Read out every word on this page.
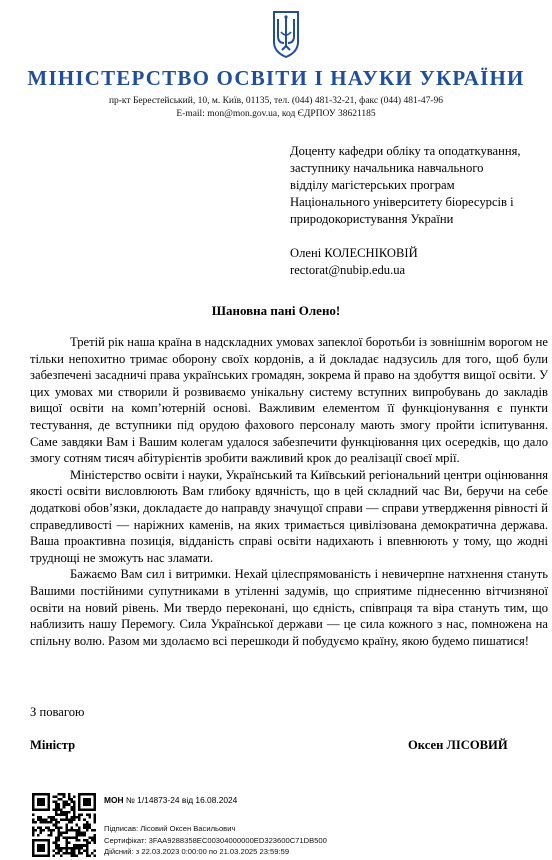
МІНІСТЕРСТВО ОСВІТИ І НАУКИ УКРАЇНИ
пр-кт Берестейський, 10, м. Київ, 01135, тел. (044) 481-32-21, факс (044) 481-47-96
E-mail: mon@mon.gov.ua, код ЄДРПОУ 38621185
Доценту кафедри обліку та оподаткування,
заступнику начальника навчального
відділу магістерських програм
Національного університету біоресурсів і
природокористування України
Олені КОЛЕСНІКОВІЙ
rectorat@nubip.edu.ua
Шановна пані Олено!

Третій рік наша країна в надскладних умовах запеклої боротьби із зовнішнім ворогом не тільки непохитно тримає оборону своїх кордонів, а й докладає надзусиль для того, щоб були забезпечені засадничі права українських громадян, зокрема й право на здобуття вищої освіти. У цих умовах ми створили й розвиваємо унікальну систему вступних випробувань до закладів вищої освіти на комп’ютерній основі. Важливим елементом її функціонування є пункти тестування, де вступники під орудою фахового персоналу мають змогу пройти іспитування. Саме завдяки Вам і Вашим колегам удалося забезпечити функціювання цих осередків, що дало змогу сотням тисяч абітурієнтів зробити важливий крок до реалізації своєї мрії.

Міністерство освіти і науки, Український та Київський регіональний центри оцінювання якості освіти висловлюють Вам глибоку вдячність, що в цей складний час Ви, беручи на себе додаткові обов’язки, докладаєте до направду значущої справи — справи утвердження рівності й справедливості — наріжних каменів, на яких тримається цивілізована демократична держава. Ваша проактивна позиція, відданість справі освіти надихають і впевнюють у тому, що жодні труднощі не зможуть нас зламати.

Бажаємо Вам сил і витримки. Нехай цілеспрямованість і невичерпне натхнення стануть Вашими постійними супутниками в утіленні задумів, що сприятиме піднесенню вітчизняної освіти на новий рівень. Ми твердо переконані, що єдність, співпраця та віра стануть тим, що наблизить нашу Перемогу. Сила Української держави — це сила кожного з нас, помножена на спільну волю. Разом ми здолаємо всі перешкоди й побудуємо країну, якою будемо пишатися!

З повагою
Міністр	Оксен ЛІСОВИЙ
МОН № 1/14873-24 від 16.08.2024
Підписав: Лісовий Оксен Васильович
Сертифікат: 3FAA9288358EC00304000000ED323600C71DB500
Дійсний: з 22.03.2023 0:00:00 по 21.03.2025 23:59:59
